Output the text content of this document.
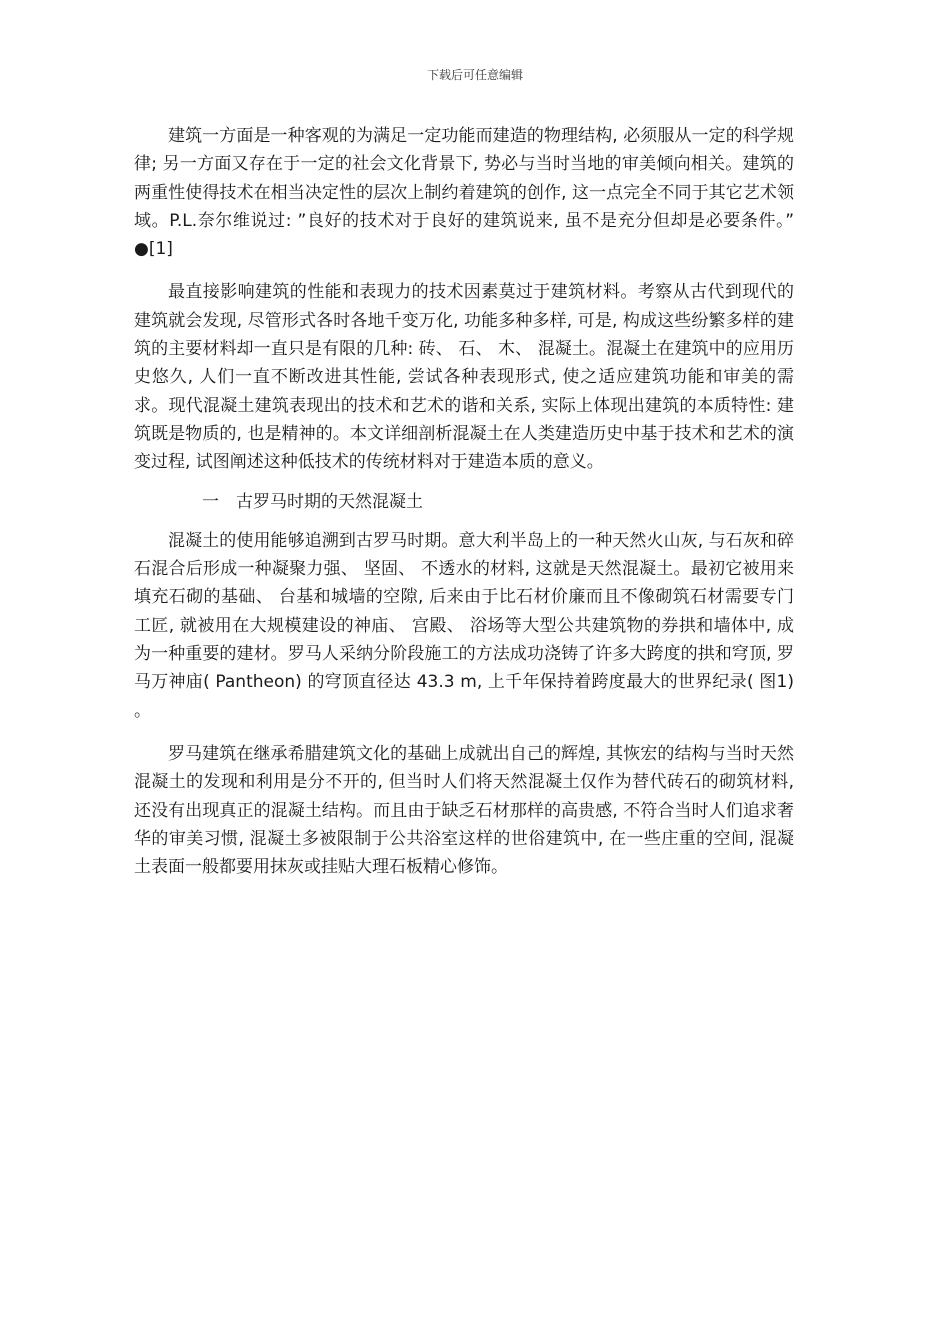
下载后可任意编辑

建筑一方面是一种客观的为满足一定功能而建造的物理结构, 必须服从一定的科学规律; 另一方面又存在于一定的社会文化背景下, 势必与当时当地的审美倾向相关。建筑的两重性使得技术在相当决定性的层次上制约着建筑的创作, 这一点完全不同于其它艺术领域。P.L.奈尔维说过: ”良好的技术对于良好的建筑说来, 虽不是充分但却是必要条件。” ●[1]

最直接影响建筑的性能和表现力的技术因素莫过于建筑材料。考察从古代到现代的建筑就会发现, 尽管形式各时各地千变万化, 功能多种多样, 可是, 构成这些纷繁多样的建筑的主要材料却一直只是有限的几种: 砖、 石、 木、 混凝土。混凝土在建筑中的应用历史悠久, 人们一直不断改进其性能, 尝试各种表现形式, 使之适应建筑功能和审美的需求。现代混凝土建筑表现出的技术和艺术的谐和关系, 实际上体现出建筑的本质特性: 建筑既是物质的, 也是精神的。本文详细剖析混凝土在人类建造历史中基于技术和艺术的演变过程, 试图阐述这种低技术的传统材料对于建造本质的意义。

一 古罗马时期的天然混凝土

混凝土的使用能够追溯到古罗马时期。意大利半岛上的一种天然火山灰, 与石灰和碎石混合后形成一种凝聚力强、 坚固、 不透水的材料, 这就是天然混凝土。最初它被用来填充石砌的基础、 台基和城墙的空隙, 后来由于比石材价廉而且不像砌筑石材需要专门工匠, 就被用在大规模建设的神庙、 宫殿、 浴场等大型公共建筑物的券拱和墙体中, 成为一种重要的建材。罗马人采纳分阶段施工的方法成功浇铸了许多大跨度的拱和穹顶, 罗马万神庙( Pantheon) 的穹顶直径达 43.3 m, 上千年保持着跨度最大的世界纪录( 图1) 。

罗马建筑在继承希腊建筑文化的基础上成就出自己的辉煌, 其恢宏的结构与当时天然混凝土的发现和利用是分不开的, 但当时人们将天然混凝土仅作为替代砖石的砌筑材料, 还没有出现真正的混凝土结构。而且由于缺乏石材那样的高贵感, 不符合当时人们追求奢华的审美习惯, 混凝土多被限制于公共浴室这样的世俗建筑中, 在一些庄重的空间, 混凝土表面一般都要用抹灰或挂贴大理石板精心修饰。
